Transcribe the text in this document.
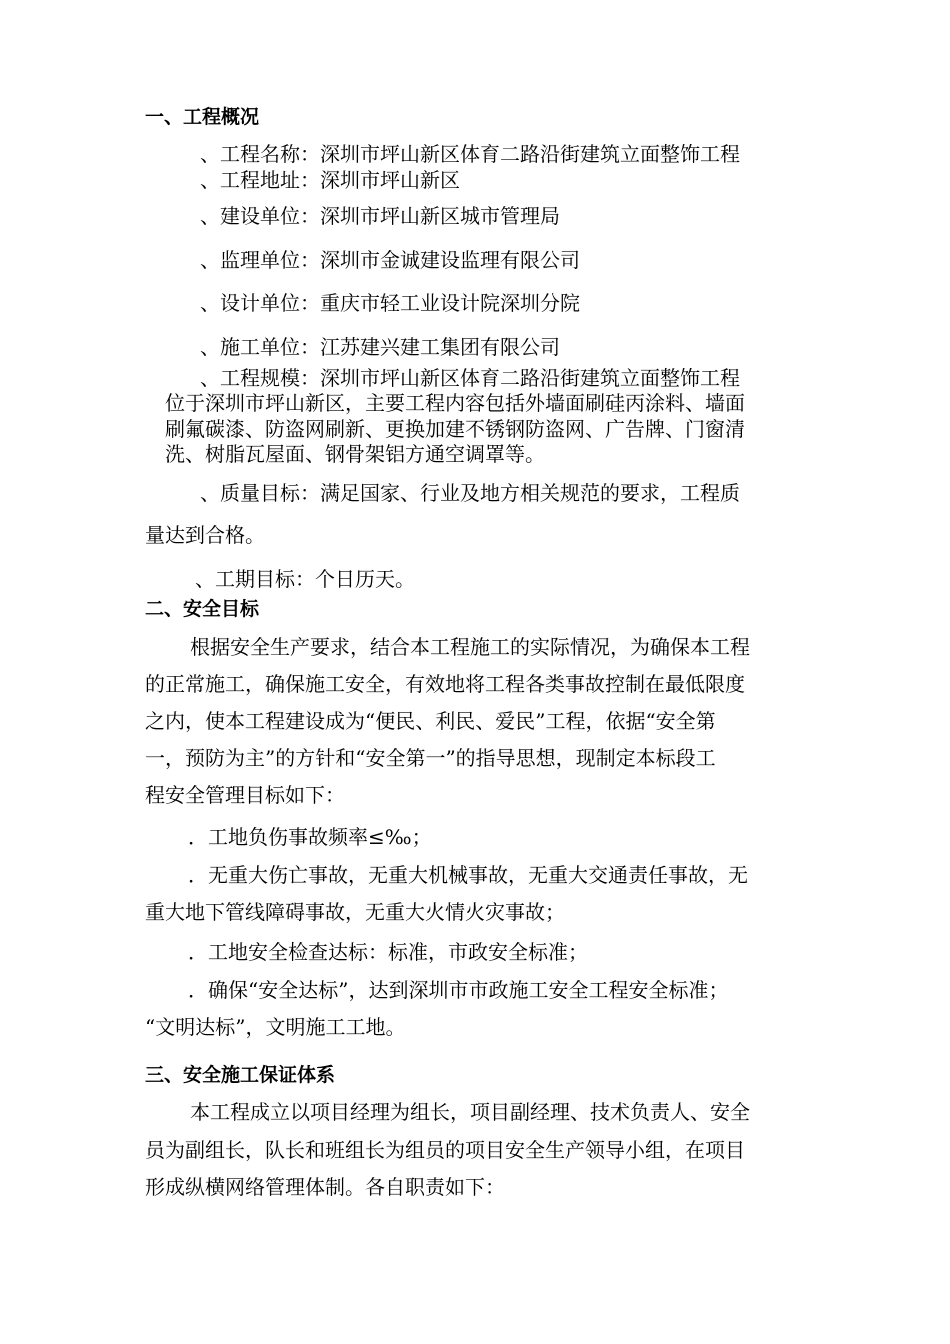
一、工程概况
、工程名称：深圳市坪山新区体育二路沿街建筑立面整饰工程
、工程地址：深圳市坪山新区
、建设单位：深圳市坪山新区城市管理局
、监理单位：深圳市金诚建设监理有限公司
、设计单位：重庆市轻工业设计院深圳分院
、施工单位：江苏建兴建工集团有限公司
、工程规模：深圳市坪山新区体育二路沿街建筑立面整饰工程
位于深圳市坪山新区，主要工程内容包括外墙面刷硅丙涂料、墙面
刷氟碳漆、防盗网刷新、更换加建不锈钢防盗网、广告牌、门窗清
洗、树脂瓦屋面、钢骨架铝方通空调罩等。
、质量目标：满足国家、行业及地方相关规范的要求，工程质
量达到合格。
、工期目标：个日历天。
二、安全目标
根据安全生产要求，结合本工程施工的实际情况，为确保本工程
的正常施工，确保施工安全，有效地将工程各类事故控制在最低限度
之内，使本工程建设成为“便民、利民、爱民”工程，依据“安全第
一，预防为主”的方针和“安全第一”的指导思想，现制定本标段工
程安全管理目标如下：
．工地负伤事故频率≤‰；
．无重大伤亡事故，无重大机械事故，无重大交通责任事故，无
重大地下管线障碍事故，无重大火情火灾事故；
．工地安全检查达标：标准，市政安全标准；
．确保“安全达标”，达到深圳市市政施工安全工程安全标准；
“文明达标”，文明施工工地。
三、安全施工保证体系
本工程成立以项目经理为组长，项目副经理、技术负责人、安全
员为副组长，队长和班组长为组员的项目安全生产领导小组，在项目
形成纵横网络管理体制。各自职责如下：
